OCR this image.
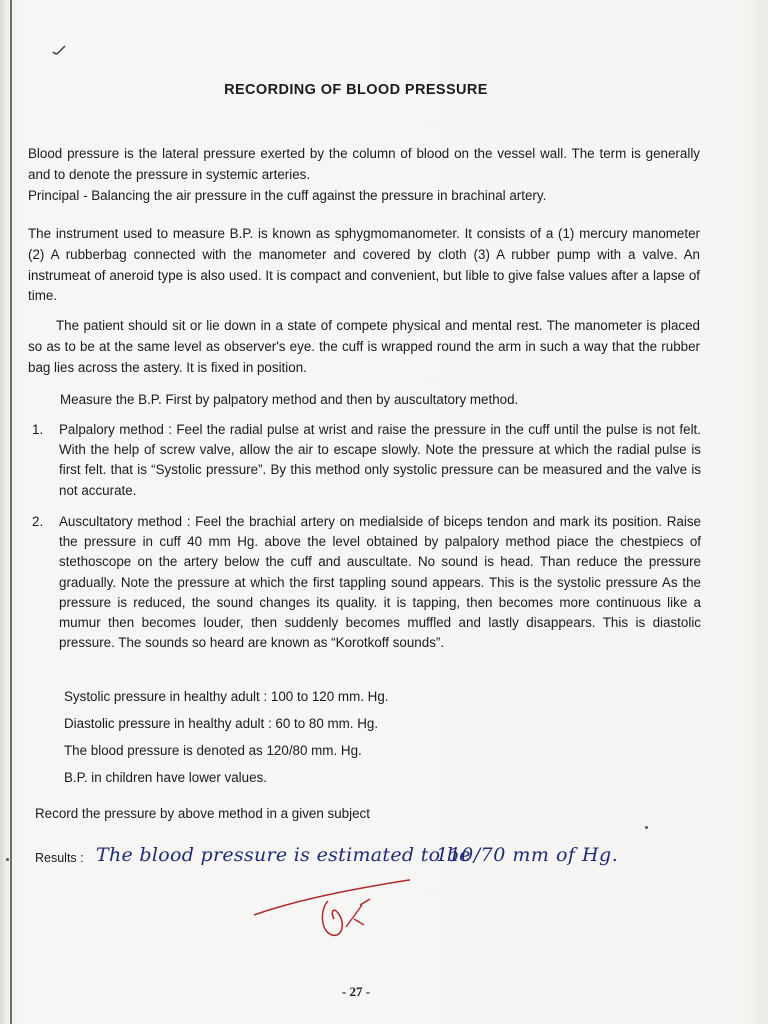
RECORDING OF BLOOD PRESSURE
Blood pressure is the lateral pressure exerted by the column of blood on the vessel wall. The term is generally and to denote the pressure in systemic arteries.
Principal - Balancing the air pressure in the cuff against the pressure in brachinal artery.
The instrument used to measure B.P. is known as sphygmomanometer. It consists of a (1) mercury manometer (2) A rubberbag connected with the manometer and covered by cloth (3) A rubber pump with a valve. An instrumeat of aneroid type is also used. It is compact and convenient, but lible to give false values after a lapse of time.
The patient should sit or lie down in a state of compete physical and mental rest. The manometer is placed so as to be at the same level as observer's eye. the cuff is wrapped round the arm in such a way that the rubber bag lies across the astery. It is fixed in position.
Measure the B.P. First by palpatory method and then by auscultatory method.
1.	Palpalory method : Feel the radial pulse at wrist and raise the pressure in the cuff until the pulse is not felt. With the help of screw valve, allow the air to escape slowly. Note the pressure at which the radial pulse is first felt. that is “Systolic pressure”. By this method only systolic pressure can be measured and the valve is not accurate.
2.	Auscultatory method : Feel the brachial artery on medialside of biceps tendon and mark its position. Raise the pressure in cuff 40 mm Hg. above the level obtained by palpalory method piace the chestpiecs of stethoscope on the artery below the cuff and auscultate. No sound is head. Than reduce the pressure gradually. Note the pressure at which the first tappling sound appears. This is the systolic pressure As the pressure is reduced, the sound changes its quality. it is tapping, then becomes more continuous like a mumur then becomes louder, then suddenly becomes muffled and lastly disappears. This is diastolic pressure. The sounds so heard are known as “Korotkoff sounds”.
Systolic pressure in healthy adult : 100 to 120 mm. Hg.
Diastolic pressure in healthy adult : 60 to 80 mm. Hg.
The blood pressure is denoted as 120/80 mm. Hg.
B.P. in children have lower values.
Record the pressure by above method in a given subject
Results : The blood pressure is estimated to be
110/70 mm of Hg.
- 27 -
